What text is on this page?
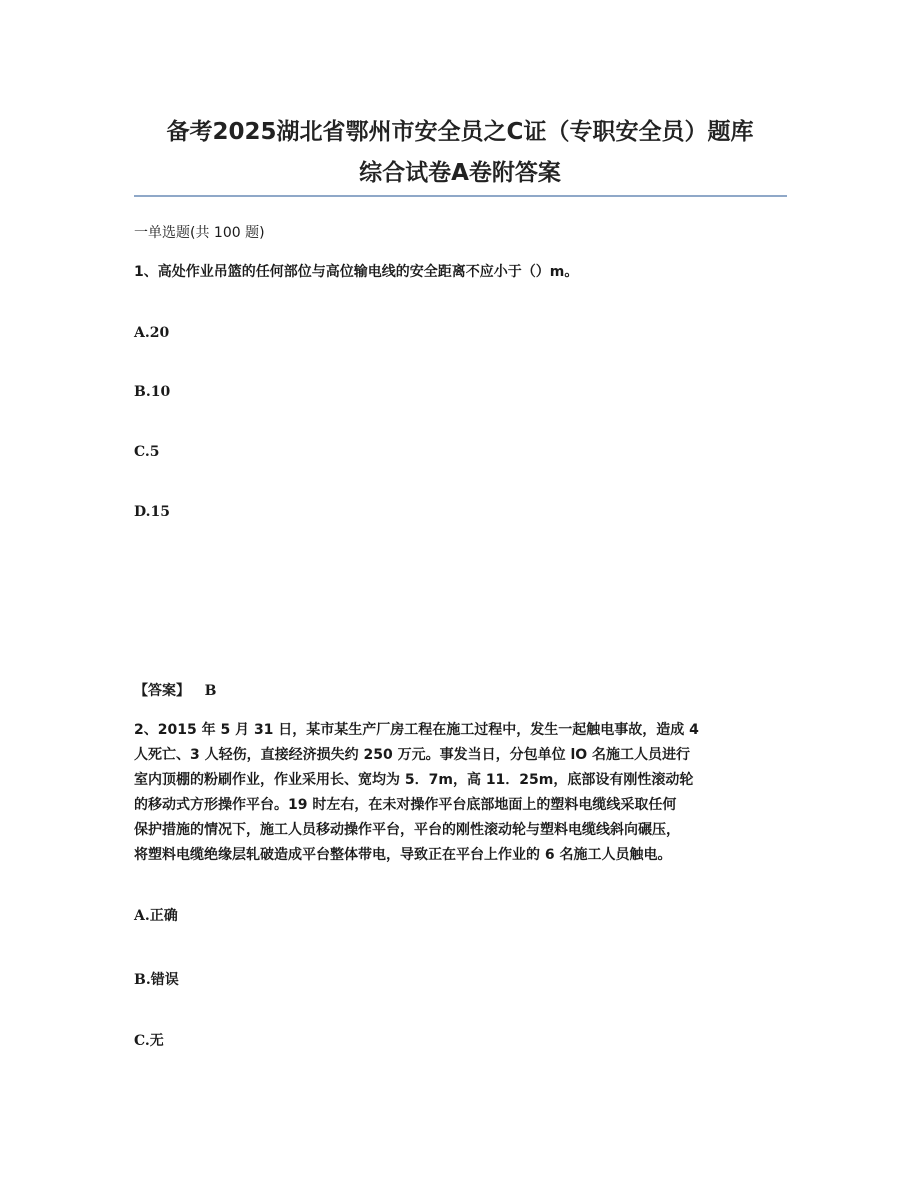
备考2025湖北省鄂州市安全员之C证（专职安全员）题库
综合试卷A卷附答案

一单选题(共 100 题)

1、高处作业吊篮的任何部位与高位输电线的安全距离不应小于（）m。

A.20

B.10

C.5

D.15

【答案】 B

2、2015 年 5 月 31 日，某市某生产厂房工程在施工过程中，发生一起触电事故，造成 4
人死亡、3 人轻伤，直接经济损失约 250 万元。事发当日，分包单位 lO 名施工人员进行
室内顶棚的粉刷作业，作业采用长、宽均为 5．7m，高 11．25m，底部设有刚性滚动轮
的移动式方形操作平台。19 时左右，在未对操作平台底部地面上的塑料电缆线采取任何
保护措施的情况下，施工人员移动操作平台，平台的刚性滚动轮与塑料电缆线斜向碾压，
将塑料电缆绝缘层轧破造成平台整体带电，导致正在平台上作业的 6 名施工人员触电。

A.正确

B.错误

C.无
